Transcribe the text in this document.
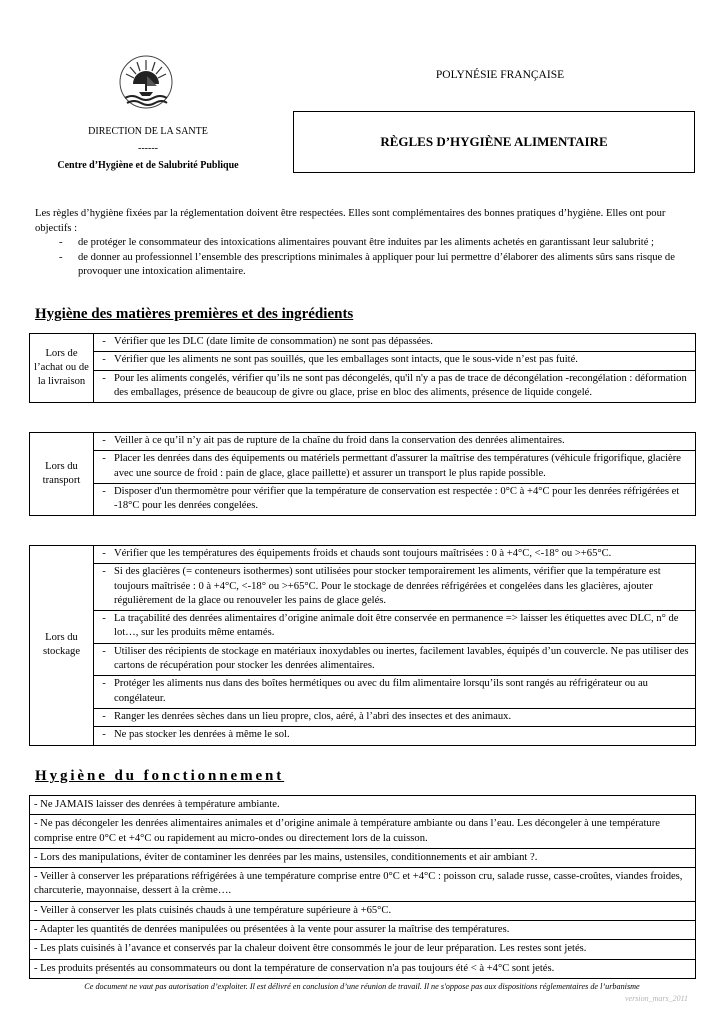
POLYNÉSIE FRANÇAISE
DIRECTION DE LA SANTE
------
Centre d’Hygiène et de Salubrité Publique
RÈGLES D’HYGIÈNE ALIMENTAIRE

Les règles d’hygiène fixées par la réglementation doivent être respectées. Elles sont complémentaires des bonnes pratiques d’hygiène. Elles ont pour objectifs :

- de protéger le consommateur des intoxications alimentaires pouvant être induites par les aliments achetés en garantissant leur salubrité ;
- de donner au professionnel l’ensemble des prescriptions minimales à appliquer pour lui permettre d’élaborer des aliments sûrs sans risque de provoquer une intoxication alimentaire.
Hygiène des matières premières et des ingrédients
Lors de l’achat ou de la livraison	
- Vérifier que les DLC (date limite de consommation) ne sont pas dépassées.
- Vérifier que les aliments ne sont pas souillés, que les emballages sont intacts, que le sous-vide n’est pas fuité.
- Pour les aliments congelés, vérifier qu’ils ne sont pas décongelés, qu'il n'y a pas de trace de décongélation -recongélation : déformation des emballages, présence de beaucoup de givre ou glace, prise en bloc des aliments, présence de liquide congelé.
Lors du transport	
- Veiller à ce qu’il n’y ait pas de rupture de la chaîne du froid dans la conservation des denrées alimentaires.
- Placer les denrées dans des équipements ou matériels permettant d'assurer la maîtrise des températures (véhicule frigorifique, glacière avec une source de froid : pain de glace, glace paillette) et assurer un transport le plus rapide possible.
- Disposer d'un thermomètre pour vérifier que la température de conservation est respectée : 0°C à +4°C pour les denrées réfrigérées et -18°C pour les denrées congelées.
Lors du stockage	
- Vérifier que les températures des équipements froids et chauds sont toujours maîtrisées : 0 à +4°C, <-18° ou >+65°C.
- Si des glacières (= conteneurs isothermes) sont utilisées pour stocker temporairement les aliments, vérifier que la température est toujours maîtrisée : 0 à +4°C, <-18° ou >+65°C. Pour le stockage de denrées réfrigérées et congelées dans les glacières, ajouter régulièrement de la glace ou renouveler les pains de glace gelés.
- La traçabilité des denrées alimentaires d’origine animale doit être conservée en permanence => laisser les étiquettes avec DLC, n° de lot…, sur les produits même entamés.
- Utiliser des récipients de stockage en matériaux inoxydables ou inertes, facilement lavables, équipés d’un couvercle. Ne pas utiliser des cartons de récupération pour stocker les denrées alimentaires.
- Protéger les aliments nus dans des boîtes hermétiques ou avec du film alimentaire lorsqu’ils sont rangés au réfrigérateur ou au congélateur.
- Ranger les denrées sèches dans un lieu propre, clos, aéré, à l’abri des insectes et des animaux.
- Ne pas stocker les denrées à même le sol.
Hygiène du fonctionnement
- Ne JAMAIS laisser des denrées à température ambiante.
- Ne pas décongeler les denrées alimentaires animales et d’origine animale à température ambiante ou dans l’eau. Les décongeler à une température comprise entre 0°C et +4°C ou rapidement au micro-ondes ou directement lors de la cuisson.
- Lors des manipulations, éviter de contaminer les denrées par les mains, ustensiles, conditionnements et air ambiant ?.
- Veiller à conserver les préparations réfrigérées à une température comprise entre 0°C et +4°C : poisson cru, salade russe, casse-croûtes, viandes froides, charcuterie, mayonnaise, dessert à la crème….
- Veiller à conserver les plats cuisinés chauds à une température supérieure à +65°C.
- Adapter les quantités de denrées manipulées ou présentées à la vente pour assurer la maîtrise des températures.
- Les plats cuisinés à l’avance et conservés par la chaleur doivent être consommés le jour de leur préparation. Les restes sont jetés.
- Les produits présentés au consommateurs ou dont la température de conservation n'a pas toujours été < à +4°C sont jetés.
Ce document ne vaut pas autorisation d’exploiter. Il est délivré en conclusion d’une réunion de travail. Il ne s'oppose pas aux dispositions réglementaires de l’urbanisme
version_mars_2011
